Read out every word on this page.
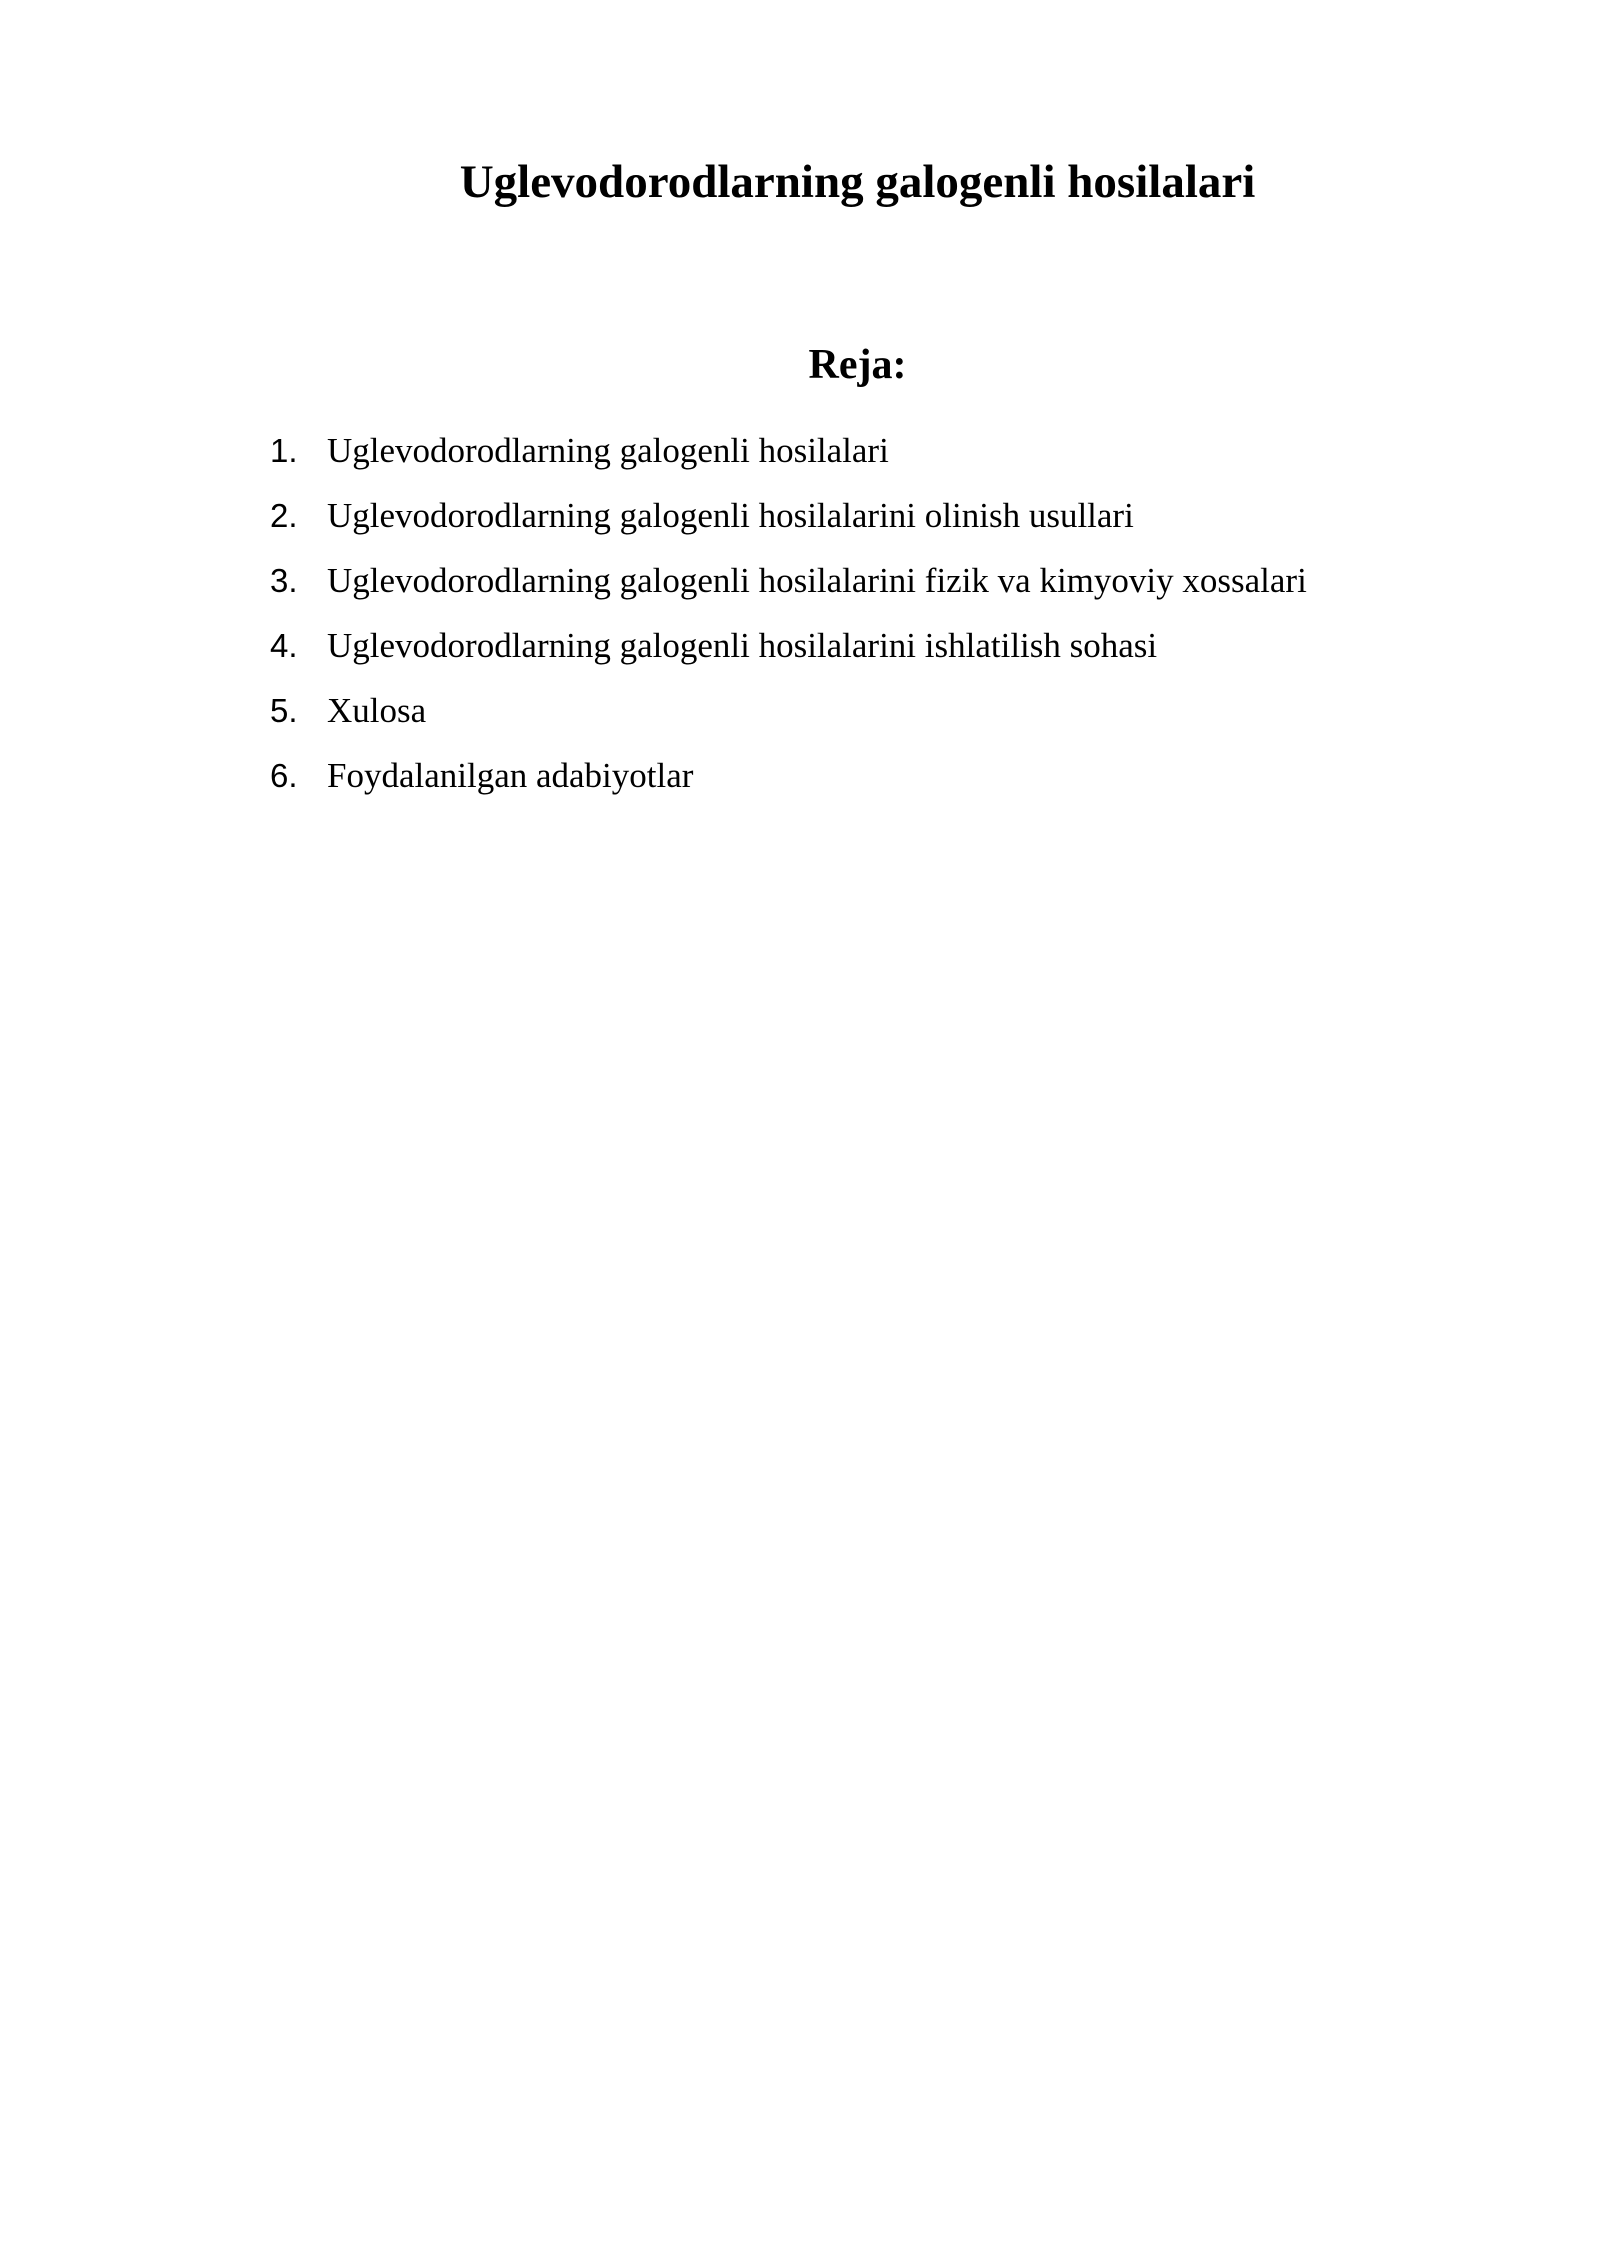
Uglevodorodlarning galogenli hosilalari
Reja:
1. Uglevodorodlarning galogenli hosilalari
2. Uglevodorodlarning galogenli hosilalarini olinish usullari
3. Uglevodorodlarning galogenli hosilalarini fizik va kimyoviy xossalari
4. Uglevodorodlarning galogenli hosilalarini ishlatilish sohasi
5. Xulosa
6. Foydalanilgan adabiyotlar
